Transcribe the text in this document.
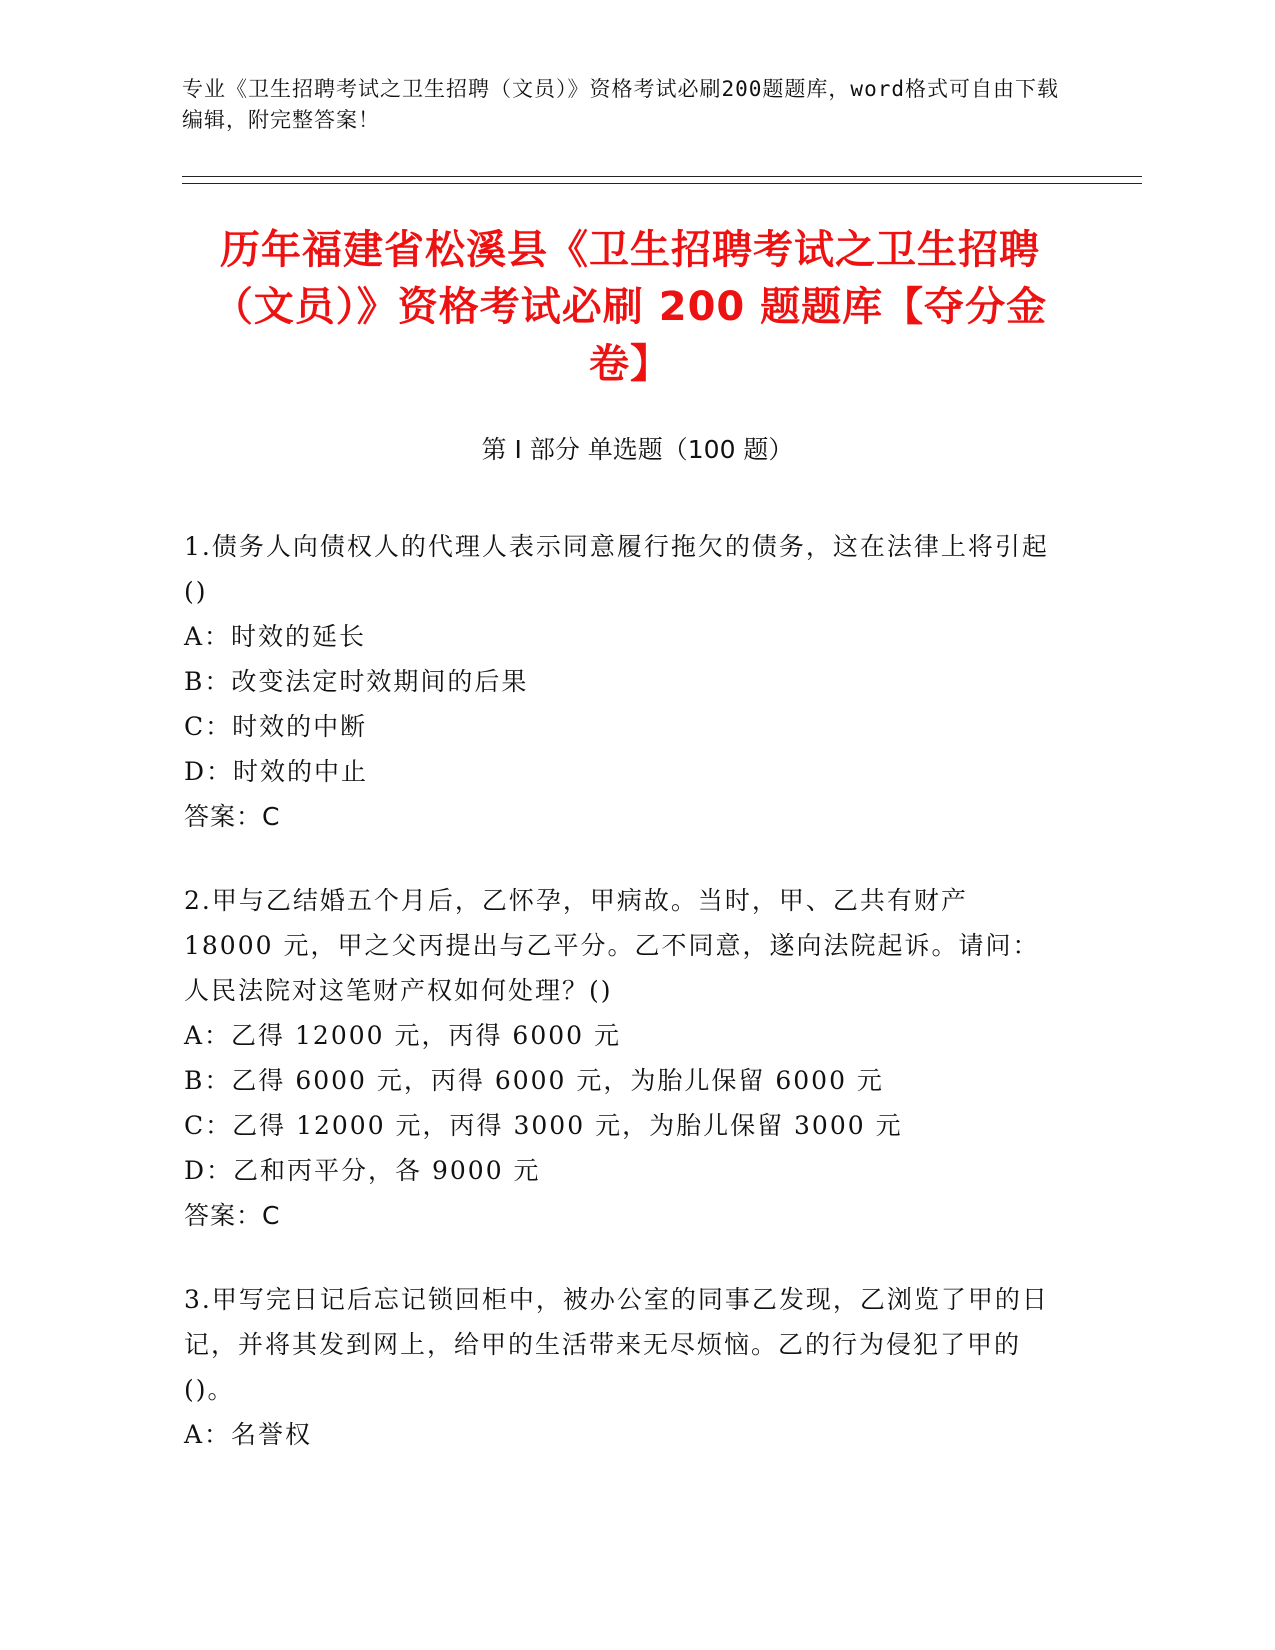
专业《卫生招聘考试之卫生招聘（文员）》资格考试必刷200题题库，word格式可自由下载编辑，附完整答案！
历年福建省松溪县《卫生招聘考试之卫生招聘（文员）》资格考试必刷 200 题题库【夺分金卷】
第 I 部分 单选题（100 题）

1.债务人向债权人的代理人表示同意履行拖欠的债务，这在法律上将引起()

A：时效的延长

B：改变法定时效期间的后果

C：时效的中断

D：时效的中止

答案：C

2.甲与乙结婚五个月后，乙怀孕，甲病故。当时，甲、乙共有财产 18000 元，甲之父丙提出与乙平分。乙不同意，遂向法院起诉。请问：人民法院对这笔财产权如何处理？()

A：乙得 12000 元，丙得 6000 元

B：乙得 6000 元，丙得 6000 元，为胎儿保留 6000 元

C：乙得 12000 元，丙得 3000 元，为胎儿保留 3000 元

D：乙和丙平分，各 9000 元

答案：C

3.甲写完日记后忘记锁回柜中，被办公室的同事乙发现，乙浏览了甲的日记，并将其发到网上，给甲的生活带来无尽烦恼。乙的行为侵犯了甲的()。

A：名誉权
